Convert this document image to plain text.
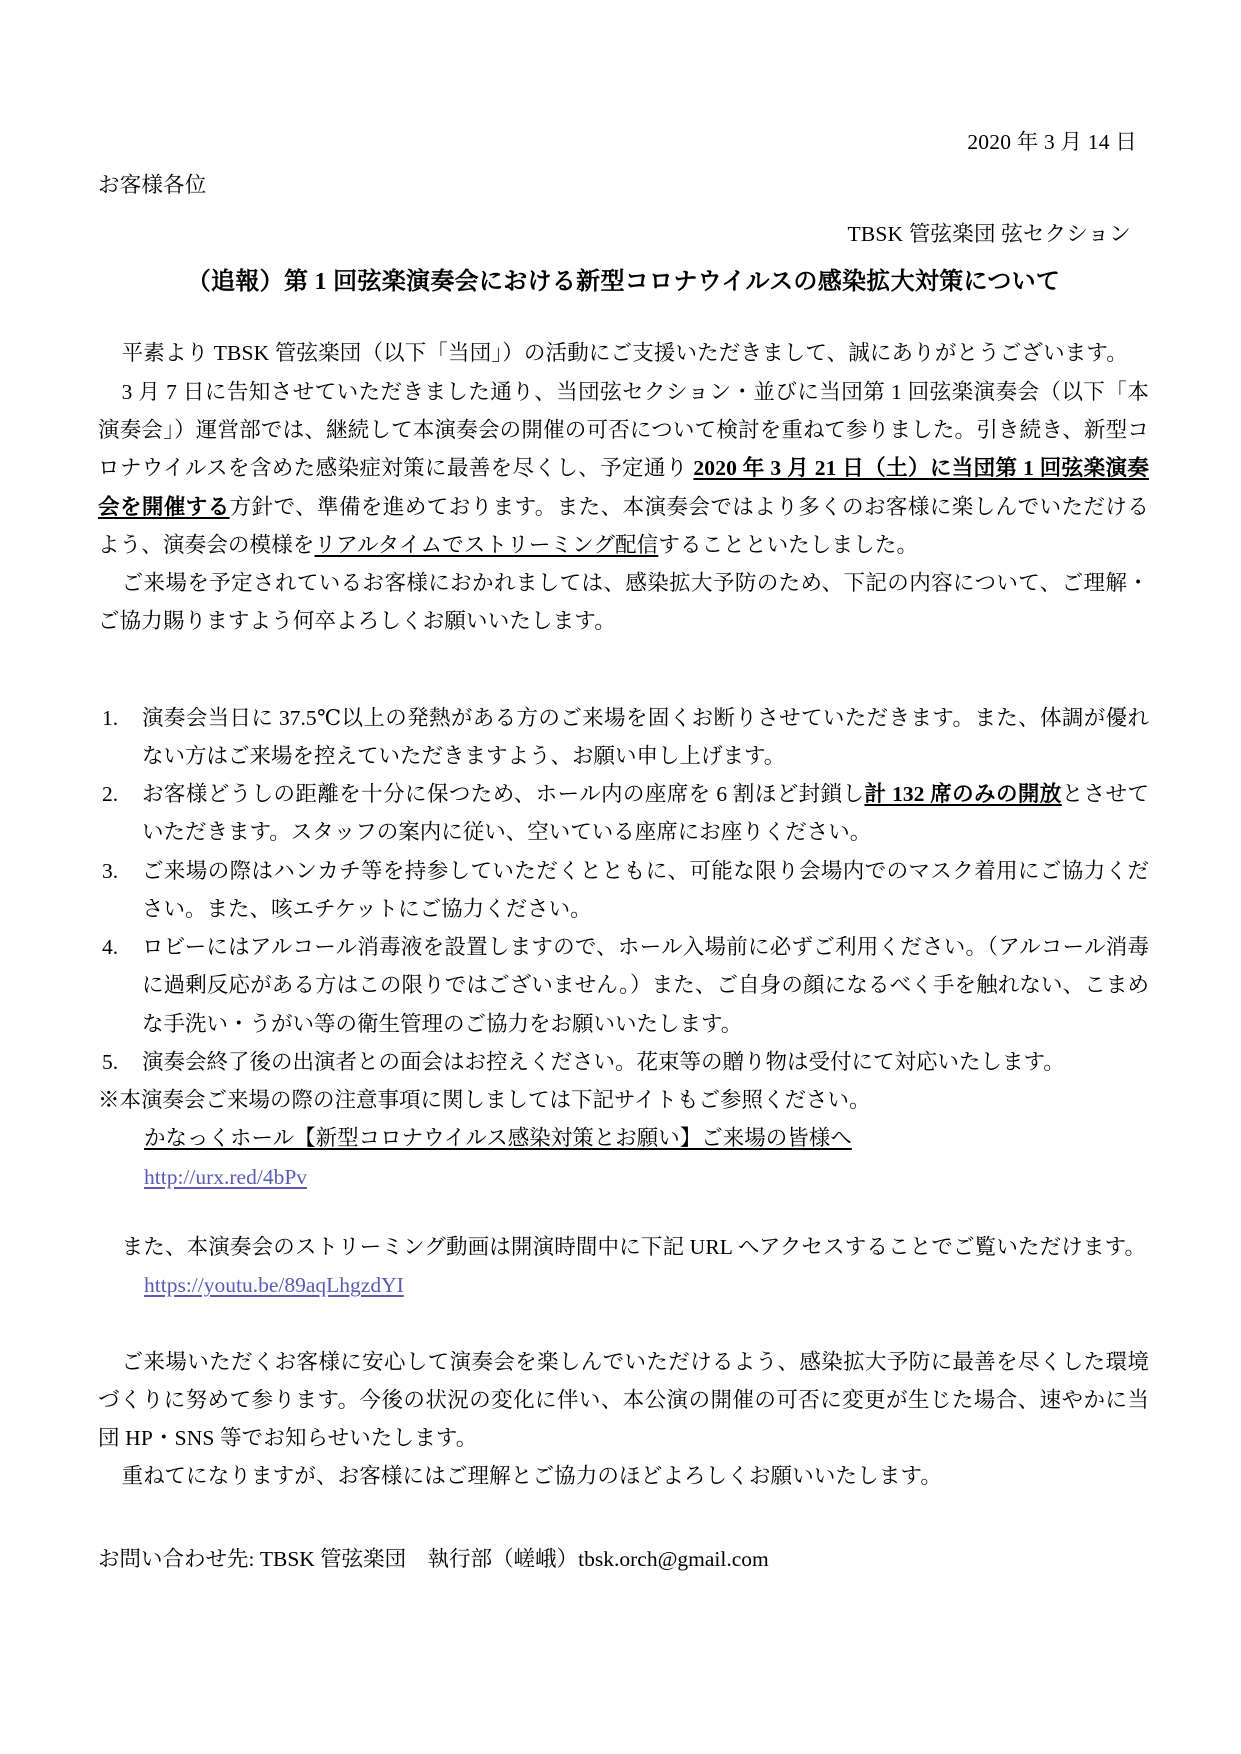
2020 年 3 月 14 日
お客様各位
TBSK 管弦楽団 弦セクション
（追報）第 1 回弦楽演奏会における新型コロナウイルスの感染拡大対策について

平素より TBSK 管弦楽団（以下「当団」）の活動にご支援いただきまして、誠にありがとうございます。

3 月 7 日に告知させていただきました通り、当団弦セクション・並びに当団第 1 回弦楽演奏会（以下「本演奏会」）運営部では、継続して本演奏会の開催の可否について検討を重ねて参りました。引き続き、新型コロナウイルスを含めた感染症対策に最善を尽くし、予定通り 2020 年 3 月 21 日（土）に当団第 1 回弦楽演奏会を開催する方針で、準備を進めております。また、本演奏会ではより多くのお客様に楽しんでいただけるよう、演奏会の模様をリアルタイムでストリーミング配信することといたしました。

ご来場を予定されているお客様におかれましては、感染拡大予防のため、下記の内容について、ご理解・ご協力賜りますよう何卒よろしくお願いいたします。

1.	演奏会当日に 37.5℃以上の発熱がある方のご来場を固くお断りさせていただきます。また、体調が優れない方はご来場を控えていただきますよう、お願い申し上げます。
2.	お客様どうしの距離を十分に保つため、ホール内の座席を 6 割ほど封鎖し計 132 席のみの開放とさせていただきます。スタッフの案内に従い、空いている座席にお座りください。
3.	ご来場の際はハンカチ等を持参していただくとともに、可能な限り会場内でのマスク着用にご協力ください。また、咳エチケットにご協力ください。
4.	ロビーにはアルコール消毒液を設置しますので、ホール入場前に必ずご利用ください。（アルコール消毒に過剰反応がある方はこの限りではございません。）また、ご自身の顔になるべく手を触れない、こまめな手洗い・うがい等の衛生管理のご協力をお願いいたします。
5.	演奏会終了後の出演者との面会はお控えください。花束等の贈り物は受付にて対応いたします。

※本演奏会ご来場の際の注意事項に関しましては下記サイトもご参照ください。

かなっくホール【新型コロナウイルス感染対策とお願い】ご来場の皆様へ

http://urx.red/4bPv

また、本演奏会のストリーミング動画は開演時間中に下記 URL へアクセスすることでご覧いただけます。

https://youtu.be/89aqLhgzdYI

ご来場いただくお客様に安心して演奏会を楽しんでいただけるよう、感染拡大予防に最善を尽くした環境づくりに努めて参ります。今後の状況の変化に伴い、本公演の開催の可否に変更が生じた場合、速やかに当団 HP・SNS 等でお知らせいたします。

重ねてになりますが、お客様にはご理解とご協力のほどよろしくお願いいたします。

お問い合わせ先: TBSK 管弦楽団　執行部（嵯峨）tbsk.orch@gmail.com
